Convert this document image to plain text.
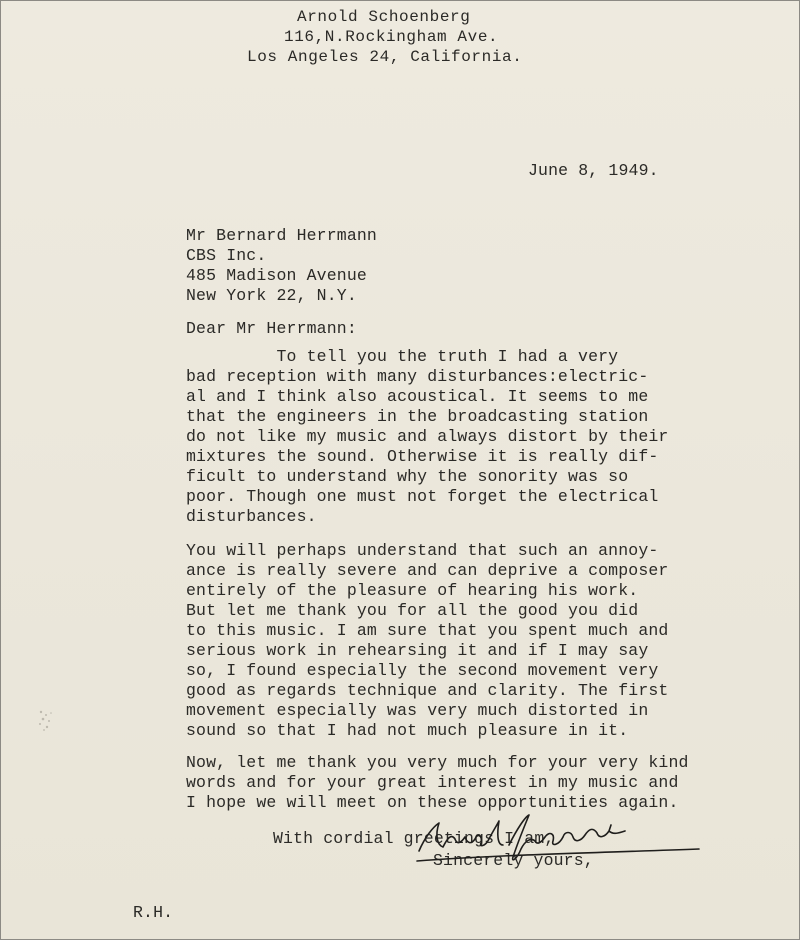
Arnold Schoenberg
116,N.Rockingham Ave.
Los Angeles 24, California.
June 8, 1949.
Mr Bernard Herrmann
CBS Inc.
485 Madison Avenue
New York 22, N.Y.
Dear Mr Herrmann:
To tell you the truth I had a very
bad reception with many disturbances:electric-
al and I think also acoustical. It seems to me
that the engineers in the broadcasting station
do not like my music and always distort by their
mixtures the sound. Otherwise it is really dif-
ficult to understand why the sonority was so
poor. Though one must not forget the electrical
disturbances.
You will perhaps understand that such an annoy-
ance is really severe and can deprive a composer
entirely of the pleasure of hearing his work.
But let me thank you for all the good you did
to this music. I am sure that you spent much and
serious work in rehearsing it and if I may say
so, I found especially the second movement very
good as regards technique and clarity. The first
movement especially was very much distorted in
sound so that I had not much pleasure in it.
Now, let me thank you very much for your very kind
words and for your great interest in my music and
I hope we will meet on these opportunities again.
With cordial greetings I am,
Sincerely yours,
R.H.
